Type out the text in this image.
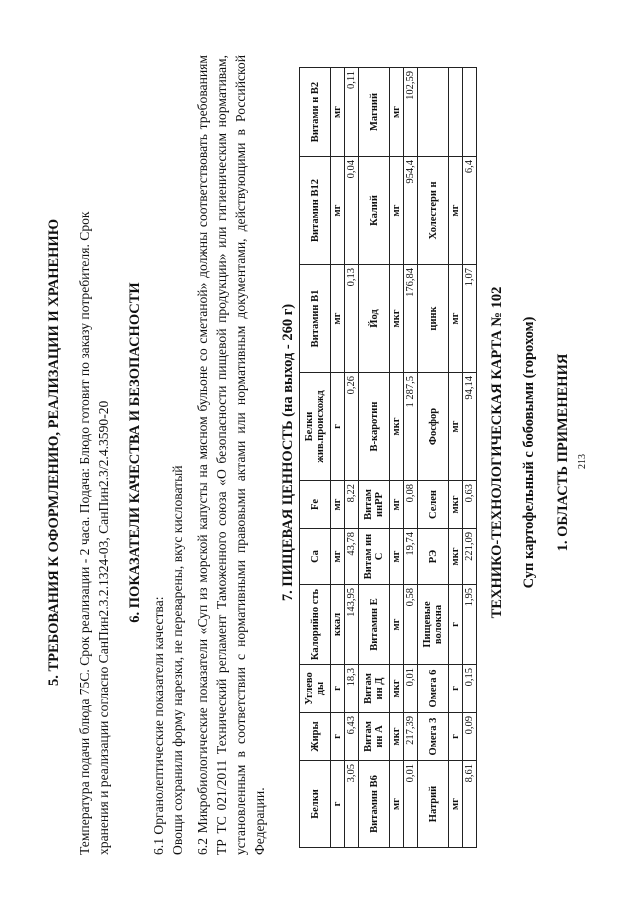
5. ТРЕБОВАНИЯ К ОФОРМЛЕНИЮ, РЕАЛИЗАЦИИ И ХРАНЕНИЮ Температура подачи блюда 75С. Срок реализации - 2 часа. Подача: Блюдо готовит по заказу потребителя. Срок хранения и реализации согласно СанПин2.3.2.1324-03, СанПин2.3/2.4.3590-20 6. ПОКАЗАТЕЛИ КАЧЕСТВА И БЕЗОПАСНОСТИ
6.1 Органолептические показатели качества: Овощи сохранили форму нарезки, не переварены, вкус кисловатый 6.2 Микробиологические показатели «Суп из морской капусты на мясном бульоне со сметаной» должны соответствовать требованиям ТР ТС 021/2011 Технический регламент Таможенного союза «О безопасности пищевой продукции» или гигиеническим нормативам, установленным в соответствии с нормативными правовыми актами или нормативным документами, действующими в Российской Федерации.
7. ПИЩЕВАЯ ЦЕННОСТЬ (на выход - 260 г)
Белки	Жиры	Углево ды	Калорийно сть	Ca	Fe	Белки жив.происхожд	Витамин B1	Витамин B12	Витами н B2
г	г	г	ккал	мг	мг	г	мг	мг	мг
3,05	6,43	18,3	143,95	43,78	8,22	0,26	0,13	0,04	0,11
Витамин B6	Витам ин А	Витам ин Д	Витамин Е	Витам ин С	Витам инPP	B-каротин	Йод	Калий	Магний
мг	мкг	мкг	мг	мг	мг	мкг	мкг	мг	мг
0,01	217,39	0,01	0,58	19,74	0,08	1 287,5	176,84	954,4	102,59
Натрий	Омега 3	Омега 6	Пищевые волокна	РЭ	Селен	Фосфор	цинк	Холестери н	
мг	г	г	г	мкг	мкг	мг	мг	мг	
8,61	0,09	0,15	1,95	221,09	0,63	94,14	1,07	6,4	
ТЕХНИКО-ТЕХНОЛОГИЧЕСКАЯ КАРТА № 102 Суп картофельный с бобовыми (горохом) 1. ОБЛАСТЬ ПРИМЕНЕНИЯ 213
